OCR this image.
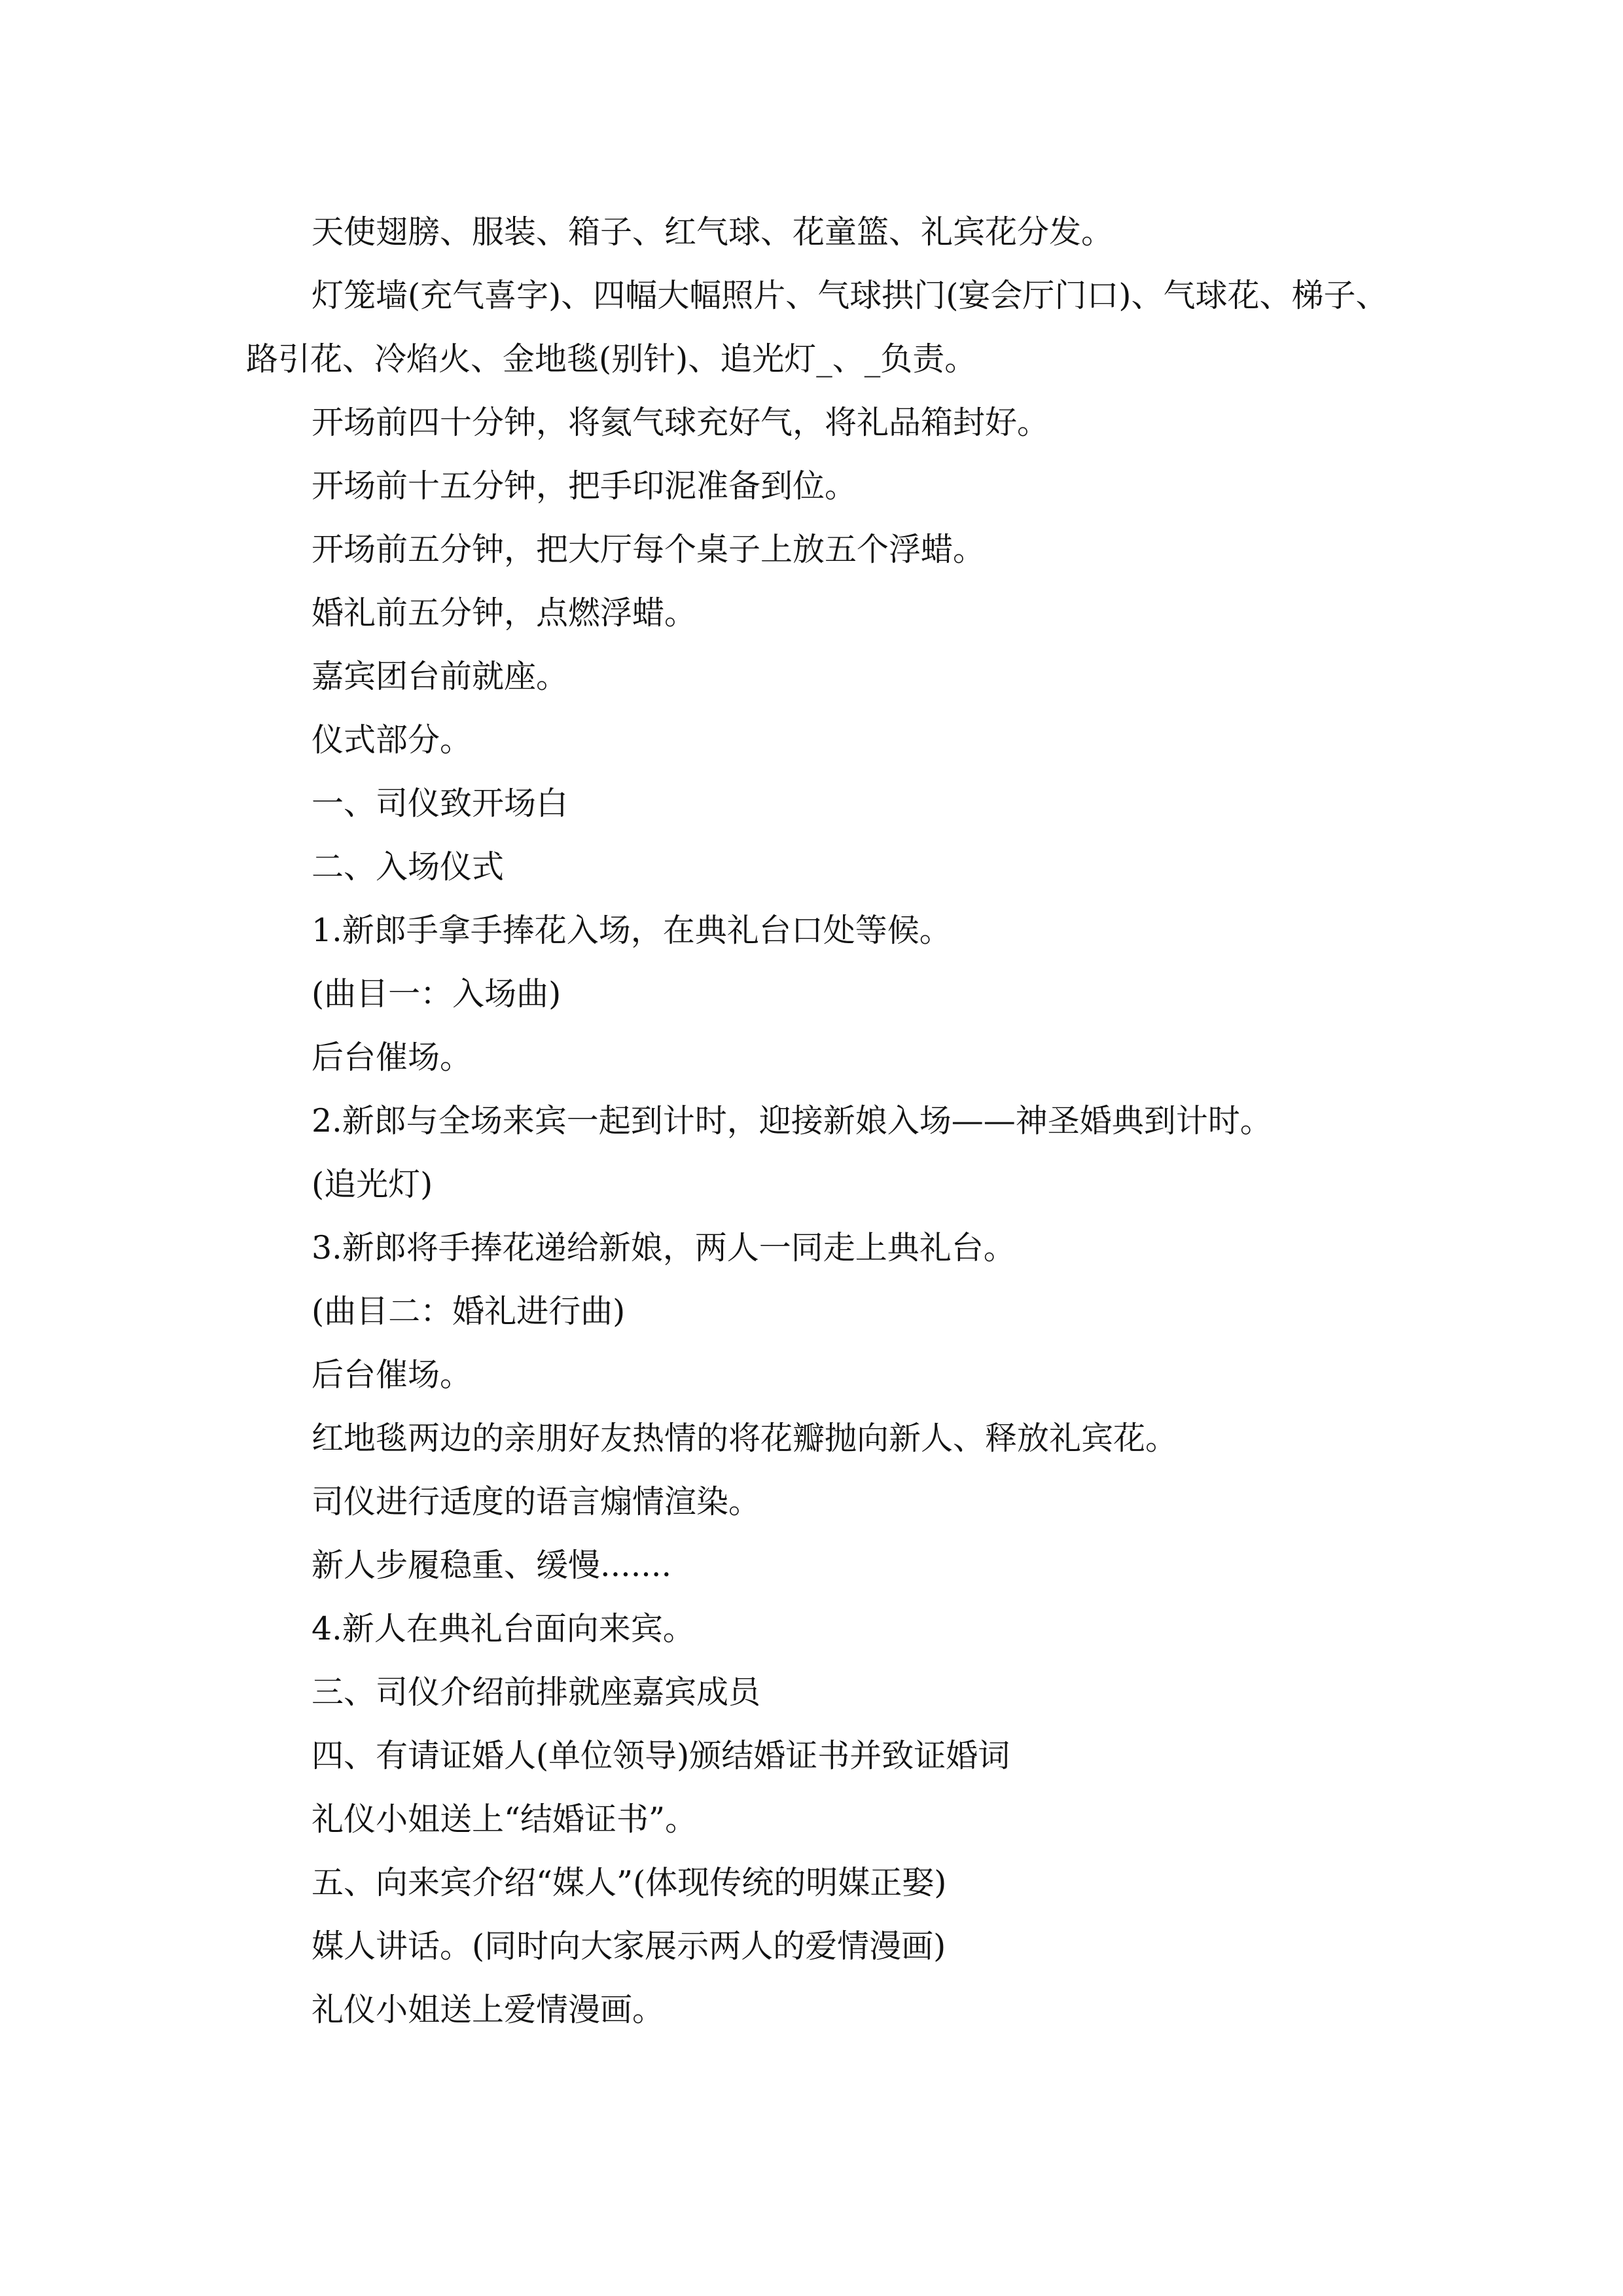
天使翅膀、服装、箱子、红气球、花童篮、礼宾花分发。

灯笼墙(充气喜字)、四幅大幅照片、气球拱门(宴会厅门口)、气球花、梯子、路引花、冷焰火、金地毯(别针)、追光灯_、_负责。

开场前四十分钟，将氦气球充好气，将礼品箱封好。

开场前十五分钟，把手印泥准备到位。

开场前五分钟，把大厅每个桌子上放五个浮蜡。

婚礼前五分钟，点燃浮蜡。

嘉宾团台前就座。

仪式部分。

一、司仪致开场白

二、入场仪式

1.新郎手拿手捧花入场，在典礼台口处等候。

(曲目一：入场曲)

后台催场。

2.新郎与全场来宾一起到计时，迎接新娘入场——神圣婚典到计时。

(追光灯)

3.新郎将手捧花递给新娘，两人一同走上典礼台。

(曲目二：婚礼进行曲)

后台催场。

红地毯两边的亲朋好友热情的将花瓣抛向新人、释放礼宾花。

司仪进行适度的语言煽情渲染。

新人步履稳重、缓慢.......

4.新人在典礼台面向来宾。

三、司仪介绍前排就座嘉宾成员

四、有请证婚人(单位领导)颁结婚证书并致证婚词

礼仪小姐送上“结婚证书”。

五、向来宾介绍“媒人”(体现传统的明媒正娶)

媒人讲话。(同时向大家展示两人的爱情漫画)

礼仪小姐送上爱情漫画。
